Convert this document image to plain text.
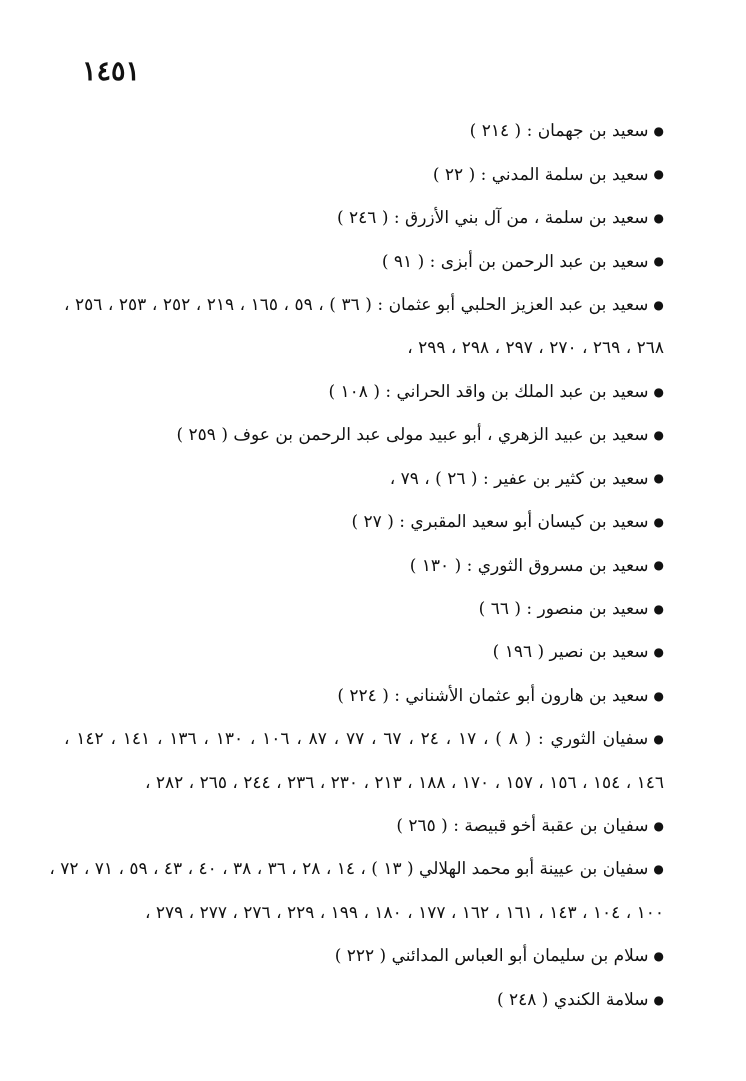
١٤٥١
●سعيد بن جهمان : ( ٢١٤ )
●سعيد بن سلمة المدني : ( ٢٢ )
●سعيد بن سلمة ، من آل بني الأزرق : ( ٢٤٦ )
●سعيد بن عبد الرحمن بن أبزى : ( ٩١ )
●سعيد بن عبد العزيز الحلبي أبو عثمان : ( ٣٦ ) ، ٥٩ ، ١٦٥ ، ٢١٩ ، ٢٥٢ ، ٢٥٣ ، ٢٥٦ ،
٢٦٨ ، ٢٦٩ ، ٢٧٠ ، ٢٩٧ ، ٢٩٨ ، ٢٩٩ ،
●سعيد بن عبد الملك بن واقد الحراني : ( ١٠٨ )
●سعيد بن عبيد الزهري ، أبو عبيد مولى عبد الرحمن بن عوف ( ٢٥٩ )
●سعيد بن كثير بن عفير : ( ٢٦ ) ، ٧٩ ،
●سعيد بن كيسان أبو سعيد المقبري : ( ٢٧ )
●سعيد بن مسروق الثوري : ( ١٣٠ )
●سعيد بن منصور : ( ٦٦ )
●سعيد بن نصير ( ١٩٦ )
●سعيد بن هارون أبو عثمان الأشناني : ( ٢٢٤ )
●سفيان الثوري : ( ٨ ) ، ١٧ ، ٢٤ ، ٦٧ ، ٧٧ ، ٨٧ ، ١٠٦ ، ١٣٠ ، ١٣٦ ، ١٤١ ، ١٤٢ ،
١٤٦ ، ١٥٤ ، ١٥٦ ، ١٥٧ ، ١٧٠ ، ١٨٨ ، ٢١٣ ، ٢٣٠ ، ٢٣٦ ، ٢٤٤ ، ٢٦٥ ، ٢٨٢ ،
●سفيان بن عقبة أخو قبيصة : ( ٢٦٥ )
●سفيان بن عيينة أبو محمد الهلالي ( ١٣ ) ، ١٤ ، ٢٨ ، ٣٦ ، ٣٨ ، ٤٠ ، ٤٣ ، ٥٩ ، ٧١ ، ٧٢ ،
١٠٠ ، ١٠٤ ، ١٤٣ ، ١٦١ ، ١٦٢ ، ١٧٧ ، ١٨٠ ، ١٩٩ ، ٢٢٩ ، ٢٧٦ ، ٢٧٧ ، ٢٧٩ ،
●سلام بن سليمان أبو العباس المدائني ( ٢٢٢ )
●سلامة الكندي ( ٢٤٨ )
